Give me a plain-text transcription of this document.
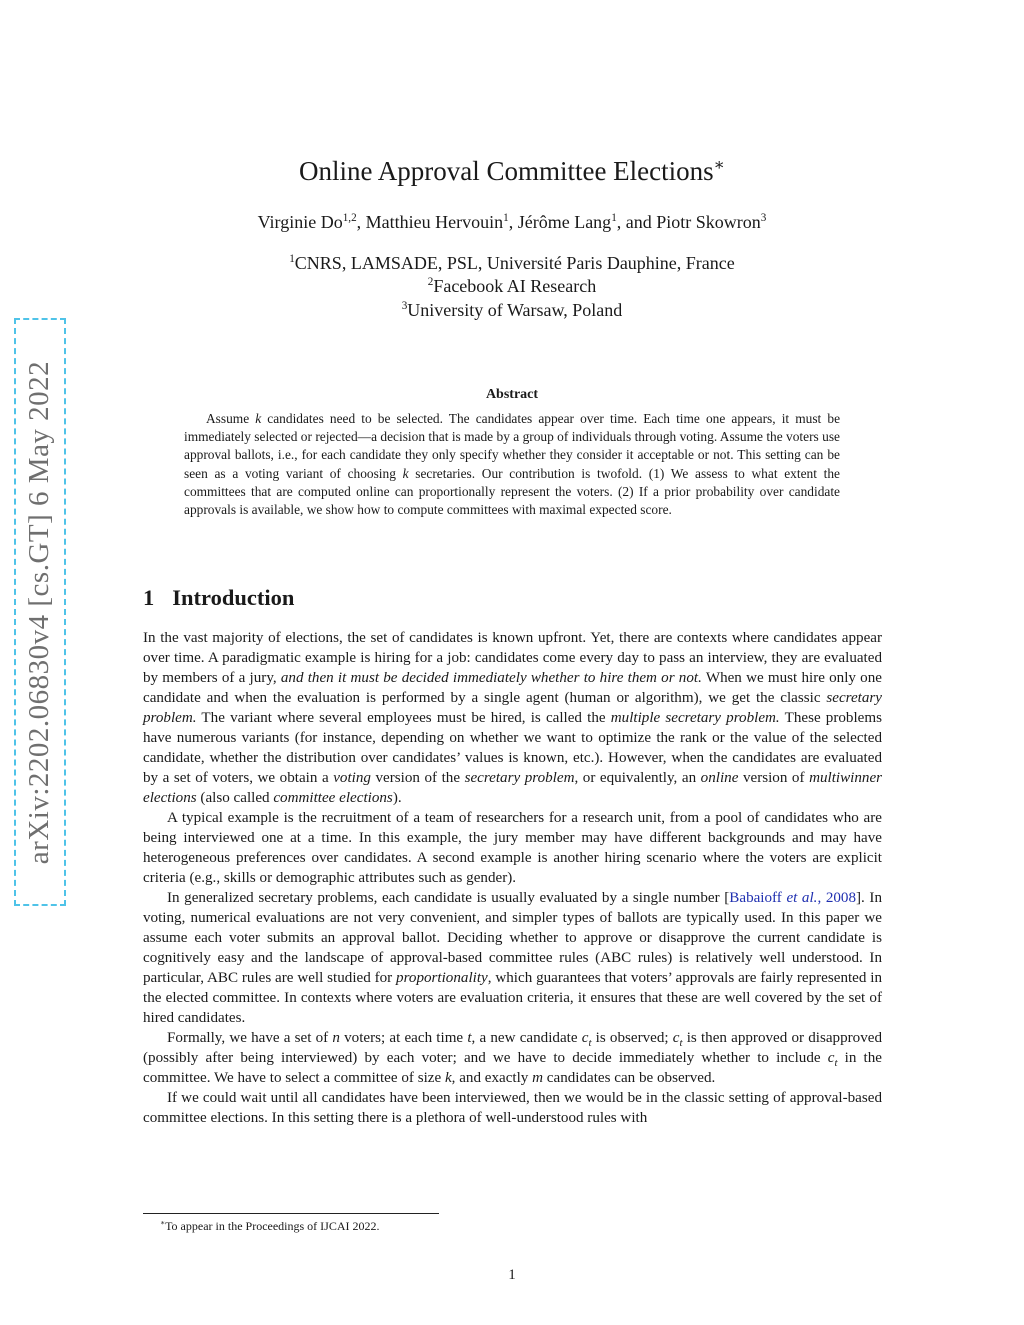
arXiv:2202.06830v4 [cs.GT] 6 May 2022
Online Approval Committee Elections∗
Virginie Do$^{1,2}$, Matthieu Hervouin$^1$, Jérôme Lang$^1$, and Piotr Skowron$^3$
$^1$CNRS, LAMSADE, PSL, Université Paris Dauphine, France
$^2$Facebook AI Research
$^3$University of Warsaw, Poland
Abstract
Assume k candidates need to be selected. The candidates appear over time. Each time one appears, it must be immediately selected or rejected—a decision that is made by a group of individuals through voting. Assume the voters use approval ballots, i.e., for each candidate they only specify whether they consider it acceptable or not. This setting can be seen as a voting variant of choosing k secretaries. Our contribution is twofold. (1) We assess to what extent the committees that are computed online can proportionally represent the voters. (2) If a prior probability over candidate approvals is available, we show how to compute committees with maximal expected score.
1 Introduction

In the vast majority of elections, the set of candidates is known upfront. Yet, there are contexts where candidates appear over time. A paradigmatic example is hiring for a job: candidates come every day to pass an interview, they are evaluated by members of a jury, and then it must be decided immediately whether to hire them or not. When we must hire only one candidate and when the evaluation is performed by a single agent (human or algorithm), we get the classic secretary problem. The variant where several employees must be hired, is called the multiple secretary problem. These problems have numerous variants (for instance, depending on whether we want to optimize the rank or the value of the selected candidate, whether the distribution over candidates’ values is known, etc.). However, when the candidates are evaluated by a set of voters, we obtain a voting version of the secretary problem, or equivalently, an online version of multiwinner elections (also called committee elections).

A typical example is the recruitment of a team of researchers for a research unit, from a pool of candidates who are being interviewed one at a time. In this example, the jury member may have different backgrounds and may have heterogeneous preferences over candidates. A second example is another hiring scenario where the voters are explicit criteria (e.g., skills or demographic attributes such as gender).

In generalized secretary problems, each candidate is usually evaluated by a single number [Babaioff et al., 2008]. In voting, numerical evaluations are not very convenient, and simpler types of ballots are typically used. In this paper we assume each voter submits an approval ballot. Deciding whether to approve or disapprove the current candidate is cognitively easy and the landscape of approval-based committee rules (ABC rules) is relatively well understood. In particular, ABC rules are well studied for proportionality, which guarantees that voters’ approvals are fairly represented in the elected committee. In contexts where voters are evaluation criteria, it ensures that these are well covered by the set of hired candidates.

Formally, we have a set of n voters; at each time t, a new candidate $c_t$ is observed; $c_t$ is then approved or disapproved (possibly after being interviewed) by each voter; and we have to decide immediately whether to include $c_t$ in the committee. We have to select a committee of size k, and exactly m candidates can be observed.

If we could wait until all candidates have been interviewed, then we would be in the classic setting of approval-based committee elections. In this setting there is a plethora of well-understood rules with

∗To appear in the Proceedings of IJCAI 2022.
1
